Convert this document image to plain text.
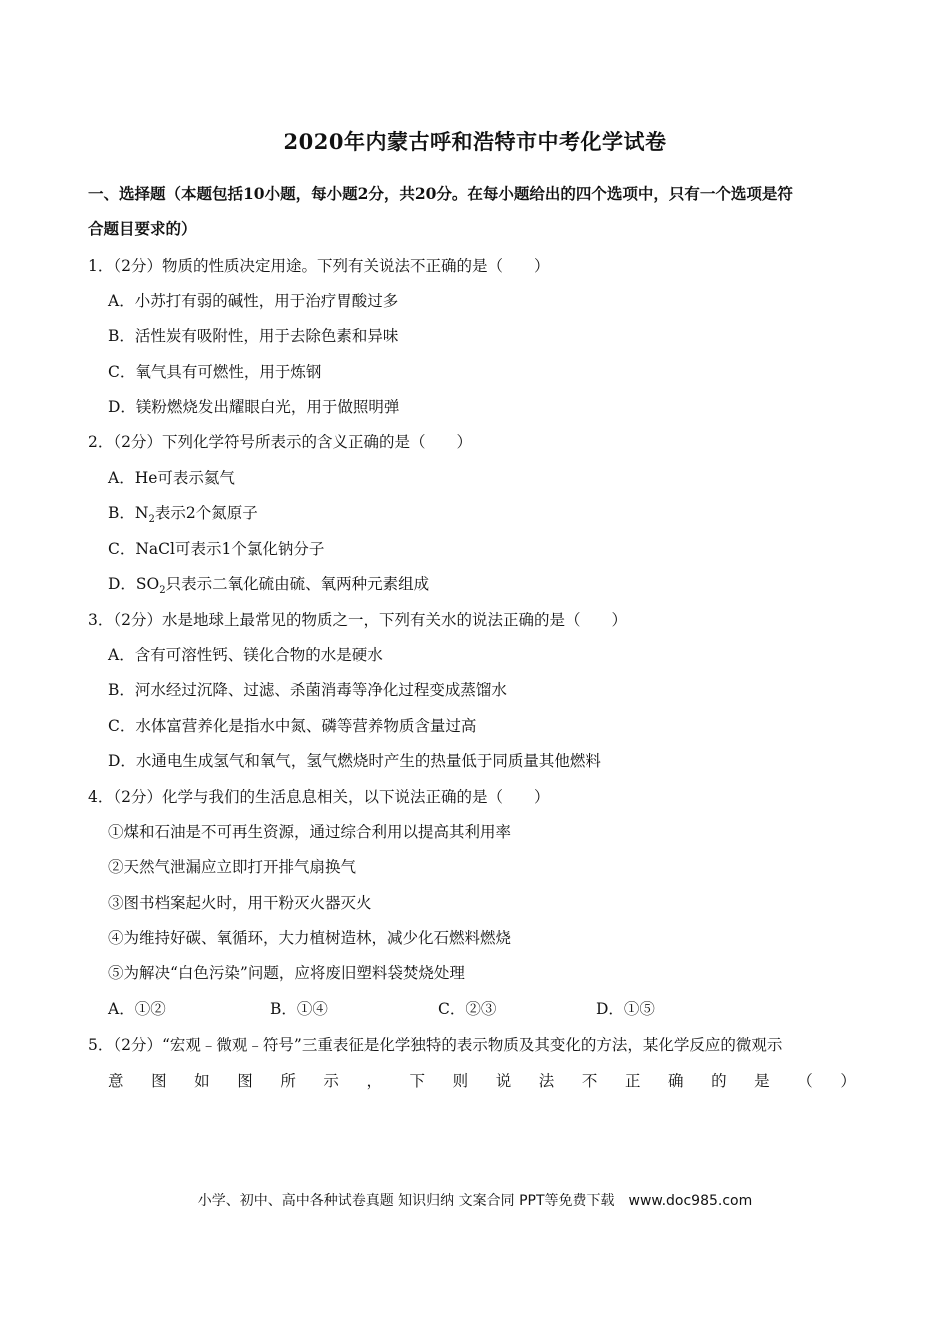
2020年内蒙古呼和浩特市中考化学试卷
一、选择题（本题包括10小题，每小题2分，共20分。在每小题给出的四个选项中，只有一个选项是符
合题目要求的）
1．（2分）物质的性质决定用途。下列有关说法不正确的是（　　）
A．小苏打有弱的碱性，用于治疗胃酸过多
B．活性炭有吸附性，用于去除色素和异味
C．氧气具有可燃性，用于炼钢
D．镁粉燃烧发出耀眼白光，用于做照明弹
2．（2分）下列化学符号所表示的含义正确的是（　　）
A．He可表示氦气
B．$N_2$表示2个氮原子
C．NaCl可表示1个氯化钠分子
D．$SO_2$只表示二氧化硫由硫、氧两种元素组成
3．（2分）水是地球上最常见的物质之一，下列有关水的说法正确的是（　　）
A．含有可溶性钙、镁化合物的水是硬水
B．河水经过沉降、过滤、杀菌消毒等净化过程变成蒸馏水
C．水体富营养化是指水中氮、磷等营养物质含量过高
D．水通电生成氢气和氧气，氢气燃烧时产生的热量低于同质量其他燃料
4．（2分）化学与我们的生活息息相关，以下说法正确的是（　　）
①煤和石油是不可再生资源，通过综合利用以提高其利用率
②天然气泄漏应立即打开排气扇换气
③图书档案起火时，用干粉灭火器灭火
④为维持好碳、氧循环，大力植树造林，减少化石燃料燃烧
⑤为解决“白色污染”问题，应将废旧塑料袋焚烧处理
A．①②	B．①④	C．②③	D．①⑤
5．（2分）“宏观﹣微观﹣符号”三重表征是化学独特的表示物质及其变化的方法，某化学反应的微观示
意 图 如 图 所 示 ， 下 则 说 法 不 正 确 的 是 （ ）
小学、初中、高中各种试卷真题 知识归纳 文案合同 PPT等免费下载　www.doc985.com
